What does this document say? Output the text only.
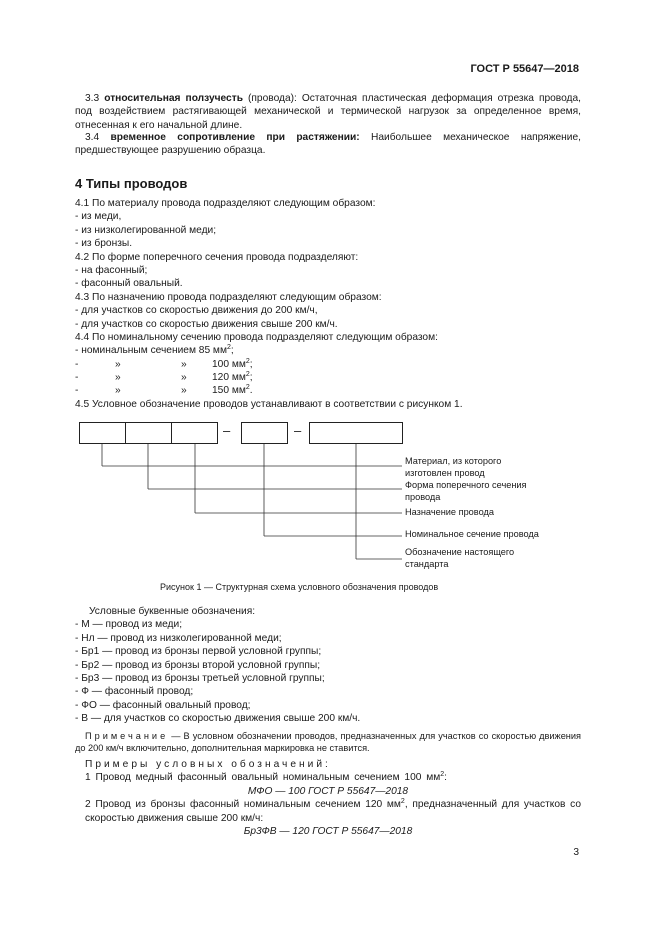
ГОСТ Р 55647—2018
3.3 относительная ползучесть (провода): Остаточная пластическая деформация отрезка провода, под воздействием растягивающей механической и термической нагрузок за определенное время, отнесенная к его начальной длине.
3.4 временное сопротивление при растяжении: Наибольшее механическое напряжение, предшествующее разрушению образца.
4 Типы проводов
4.1 По материалу провода подразделяют следующим образом:
- из меди,
- из низколегированной меди;
- из бронзы.
4.2 По форме поперечного сечения провода подразделяют:
- на фасонный;
- фасонный овальный.
4.3 По назначению провода подразделяют следующим образом:
- для участков со скоростью движения до 200 км/ч,
- для участков со скоростью движения свыше 200 км/ч.
4.4 По номинальному сечению провода подразделяют следующим образом:
- номинальным сечением 85 $мм^2$;
-	»	» 100 $мм^2$;
-	»	» 120 $мм^2$;
-	»	» 150 $мм^2$.
4.5 Условное обозначение проводов устанавливают в соответствии с рисунком 1.
–	–
Материал, из которого
изготовлен провод
Форма поперечного сечения
провода
Назначение провода
Номинальное сечение провода
Обозначение настоящего
стандарта
Рисунок 1 — Структурная схема условного обозначения проводов
Условные буквенные обозначения:
- М — провод из меди;
- Нл — провод из низколегированной меди;
- Бр1 — провод из бронзы первой условной группы;
- Бр2 — провод из бронзы второй условной группы;
- Бр3 — провод из бронзы третьей условной группы;
- Ф — фасонный провод;
- ФО — фасонный овальный провод;
- В — для участков со скоростью движения свыше 200 км/ч.
Примечание — В условном обозначении проводов, предназначенных для участков со скоростью движения до 200 км/ч включительно, дополнительная маркировка не ставится.
Примеры условных обозначений:
1 Провод медный фасонный овальный номинальным сечением 100 $мм^2$:
МФО — 100 ГОСТ Р 55647—2018
2 Провод из бронзы фасонный номинальным сечением 120 $мм^2$, предназначенный для участков со скоростью движения свыше 200 км/ч:
Бр3ФВ — 120 ГОСТ Р 55647—2018
3
